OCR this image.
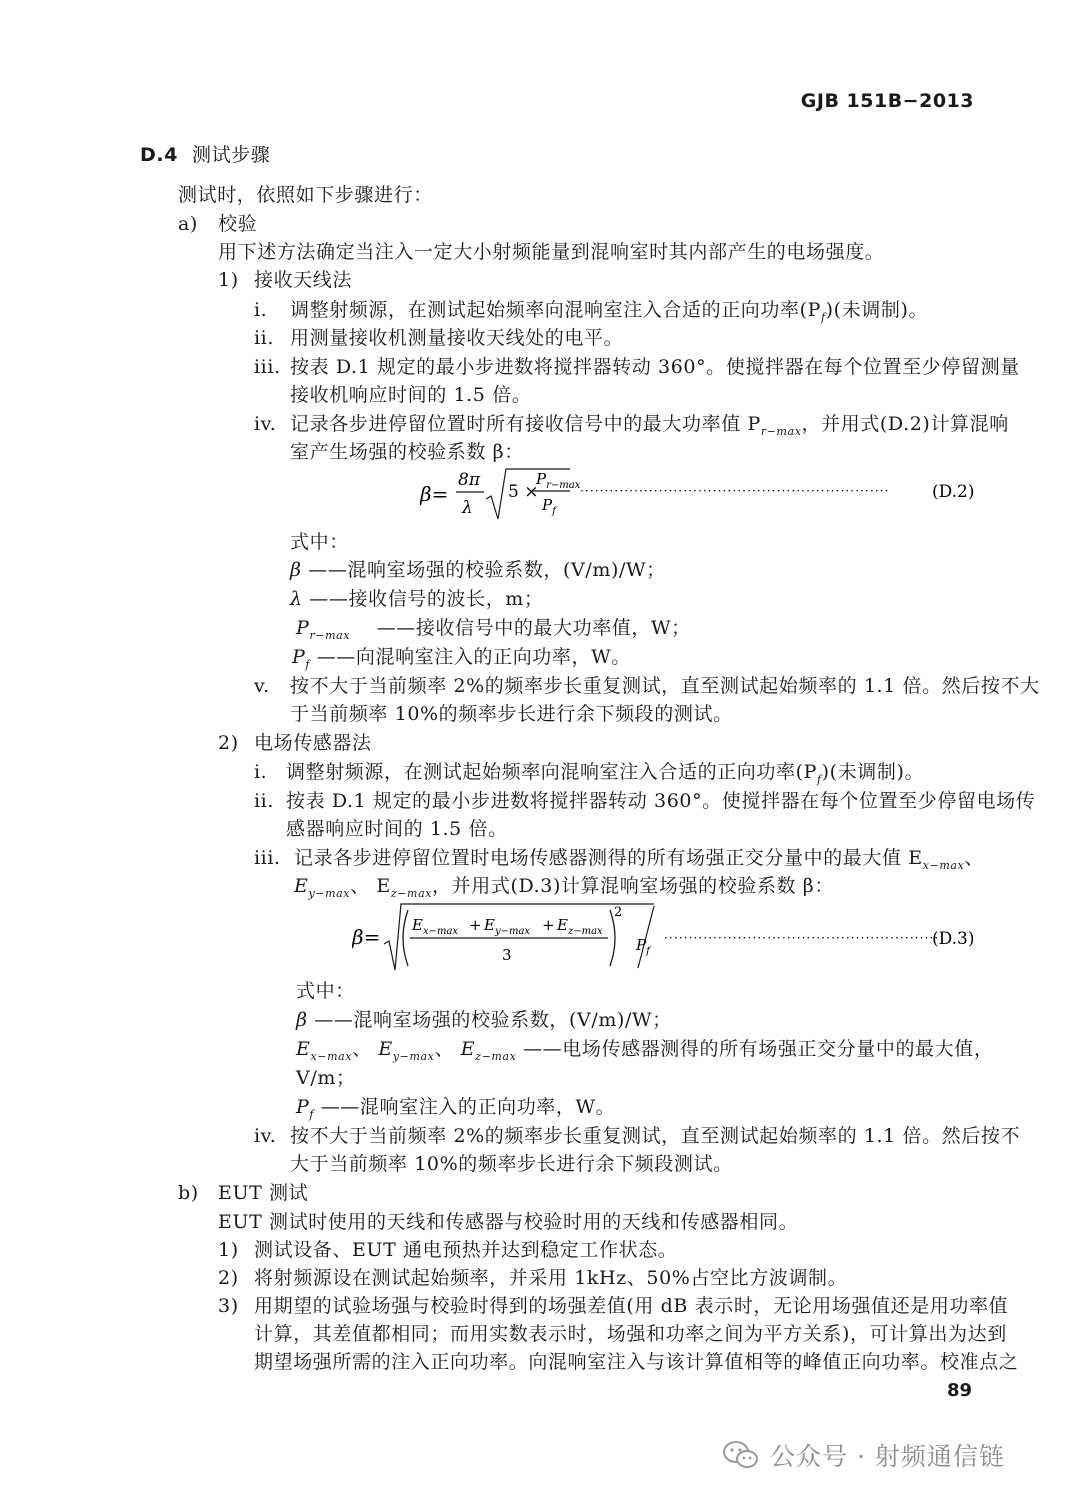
GJB 151B−2013
D.4 测试步骤
测试时，依照如下步骤进行：
a) 校验
用下述方法确定当注入一定大小射频能量到混响室时其内部产生的电场强度。
1) 接收天线法
i. 调整射频源，在测试起始频率向混响室注入合适的正向功率$(P_f)$(未调制)。
ii. 用测量接收机测量接收天线处的电平。
iii. 按表 D.1 规定的最小步进数将搅拌器转动 360°。使搅拌器在每个位置至少停留测量
接收机响应时间的 1.5 倍。
iv. 记录各步进停留位置时所有接收信号中的最大功率值 $P_{r-max}$，并用式(D.2)计算混响
室产生场强的校验系数 β：
β=
8π
λ
5 ×
$P_{r-max}$
$P_f$
······························································· (D.2)
式中：
β ——混响室场强的校验系数，(V/m)/W；
λ ——接收信号的波长，m；
$P_{r-max}$ ——接收信号中的最大功率值，W；
$P_f$ ——向混响室注入的正向功率，W。
v. 按不大于当前频率 2%的频率步长重复测试，直至测试起始频率的 1.1 倍。然后按不大
于当前频率 10%的频率步长进行余下频段的测试。
2) 电场传感器法
i. 调整射频源，在测试起始频率向混响室注入合适的正向功率$(P_f)$(未调制)。
ii. 按表 D.1 规定的最小步进数将搅拌器转动 360°。使搅拌器在每个位置至少停留电场传
感器响应时间的 1.5 倍。
iii. 记录各步进停留位置时电场传感器测得的所有场强正交分量中的最大值 $E_{x-max}$、
$E_{y-max}$、 $E_{z-max}$，并用式(D.3)计算混响室场强的校验系数 β：
$\beta= E_{x-max} + E_{y-max} + E_{z-max}$
3
2
$P_f$
························································
(D.3)
式中：
β ——混响室场强的校验系数，(V/m)/W；
$E_{x-max}$、 $E_{y-max}$、 $E_{z-max}$ ——电场传感器测得的所有场强正交分量中的最大值，
V/m；
$P_f$ ——混响室注入的正向功率，W。
iv. 按不大于当前频率 2%的频率步长重复测试，直至测试起始频率的 1.1 倍。然后按不
大于当前频率 10%的频率步长进行余下频段测试。
b) EUT 测试
EUT 测试时使用的天线和传感器与校验时用的天线和传感器相同。
1) 测试设备、EUT 通电预热并达到稳定工作状态。
2) 将射频源设在测试起始频率，并采用 1kHz、50%占空比方波调制。
3) 用期望的试验场强与校验时得到的场强差值(用 dB 表示时，无论用场强值还是用功率值
计算，其差值都相同；而用实数表示时，场强和功率之间为平方关系)，可计算出为达到
期望场强所需的注入正向功率。向混响室注入与该计算值相等的峰值正向功率。校准点之
89
公众号 · 射频通信链
